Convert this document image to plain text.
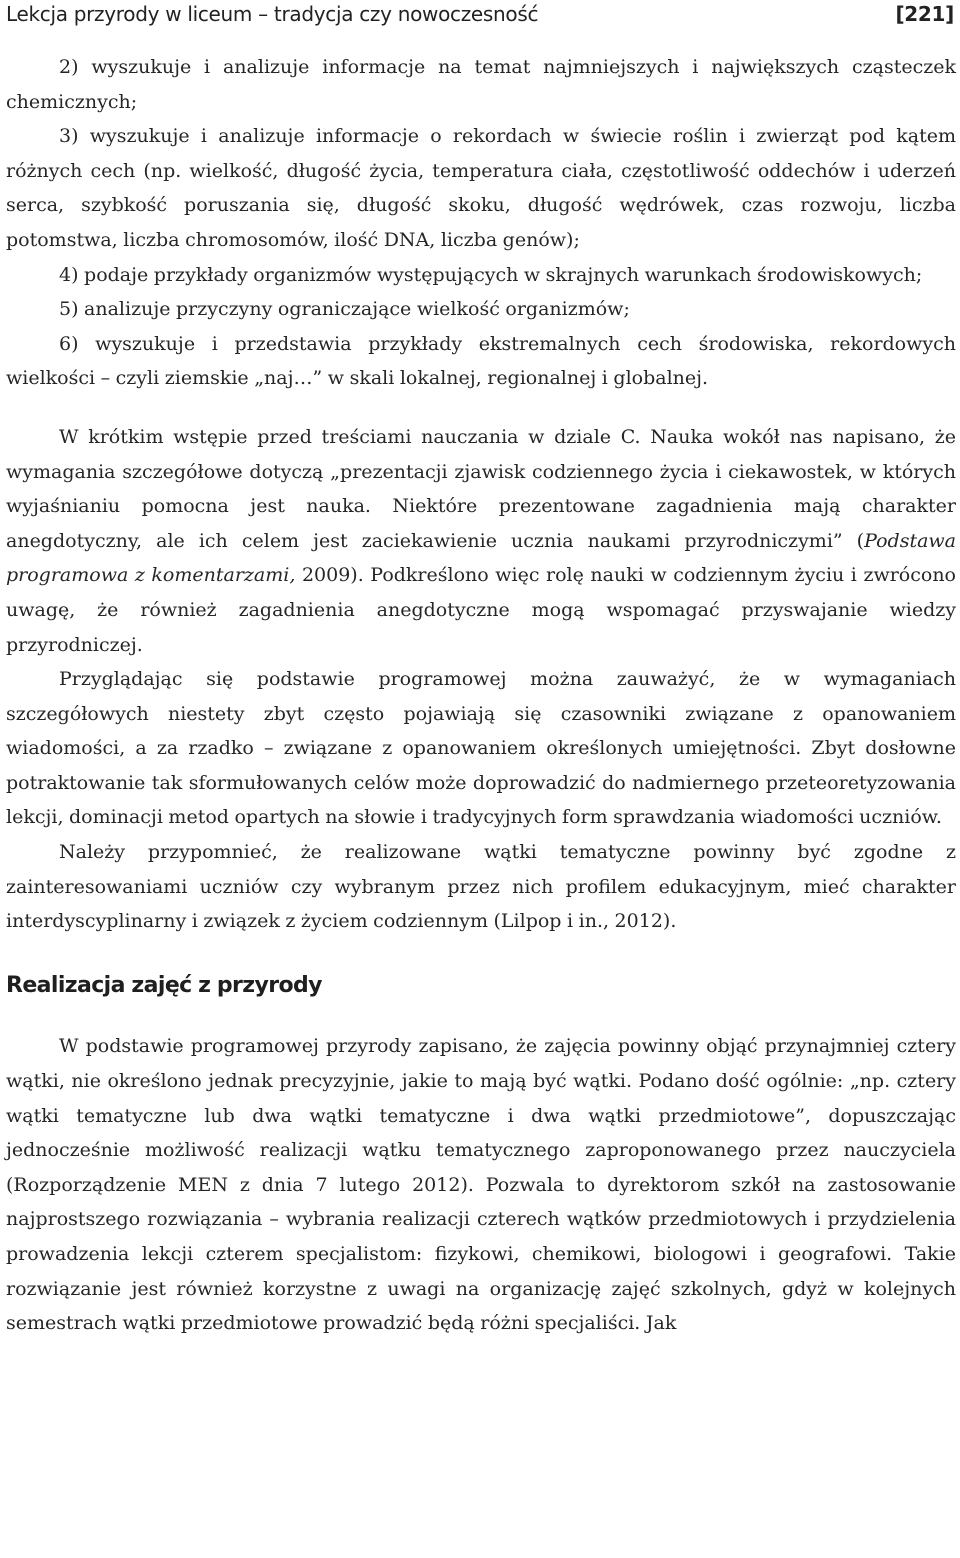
Lekcja przyrody w liceum – tradycja czy nowoczesność	[221]

2) wyszukuje i analizuje informacje na temat najmniejszych i największych cząsteczek chemicznych;

3) wyszukuje i analizuje informacje o rekordach w świecie roślin i zwierząt pod kątem różnych cech (np. wielkość, długość życia, temperatura ciała, częstotliwość oddechów i uderzeń serca, szybkość poruszania się, długość skoku, długość wędrówek, czas rozwoju, liczba potomstwa, liczba chromosomów, ilość DNA, liczba genów);

4) podaje przykłady organizmów występujących w skrajnych warunkach środowiskowych;

5) analizuje przyczyny ograniczające wielkość organizmów;

6) wyszukuje i przedstawia przykłady ekstremalnych cech środowiska, rekordowych wielkości – czyli ziemskie „naj…” w skali lokalnej, regionalnej i globalnej.

W krótkim wstępie przed treściami nauczania w dziale C. Nauka wokół nas napisano, że wymagania szczegółowe dotyczą „prezentacji zjawisk codziennego życia i ciekawostek, w których wyjaśnianiu pomocna jest nauka. Niektóre prezentowane zagadnienia mają charakter anegdotyczny, ale ich celem jest zaciekawienie ucznia naukami przyrodniczymi” (Podstawa programowa z komentarzami, 2009). Podkreślono więc rolę nauki w codziennym życiu i zwrócono uwagę, że również zagadnienia anegdotyczne mogą wspomagać przyswajanie wiedzy przyrodniczej.

Przyglądając się podstawie programowej można zauważyć, że w wymaganiach szczegółowych niestety zbyt często pojawiają się czasowniki związane z opanowaniem wiadomości, a za rzadko – związane z opanowaniem określonych umiejętności. Zbyt dosłowne potraktowanie tak sformułowanych celów może doprowadzić do nadmiernego przeteoretyzowania lekcji, dominacji metod opartych na słowie i tradycyjnych form sprawdzania wiadomości uczniów.

Należy przypomnieć, że realizowane wątki tematyczne powinny być zgodne z zainteresowaniami uczniów czy wybranym przez nich profilem edukacyjnym, mieć charakter interdyscyplinarny i związek z życiem codziennym (Lilpop i in., 2012).

Realizacja zajęć z przyrody

W podstawie programowej przyrody zapisano, że zajęcia powinny objąć przynajmniej cztery wątki, nie określono jednak precyzyjnie, jakie to mają być wątki. Podano dość ogólnie: „np. cztery wątki tematyczne lub dwa wątki tematyczne i dwa wątki przedmiotowe”, dopuszczając jednocześnie możliwość realizacji wątku tematycznego zaproponowanego przez nauczyciela (Rozporządzenie MEN z dnia 7 lutego 2012). Pozwala to dyrektorom szkół na zastosowanie najprostszego rozwiązania – wybrania realizacji czterech wątków przedmiotowych i przydzielenia prowadzenia lekcji czterem specjalistom: fizykowi, chemikowi, biologowi i geografowi. Takie rozwiązanie jest również korzystne z uwagi na organizację zajęć szkolnych, gdyż w kolejnych semestrach wątki przedmiotowe prowadzić będą różni specjaliści. Jak
